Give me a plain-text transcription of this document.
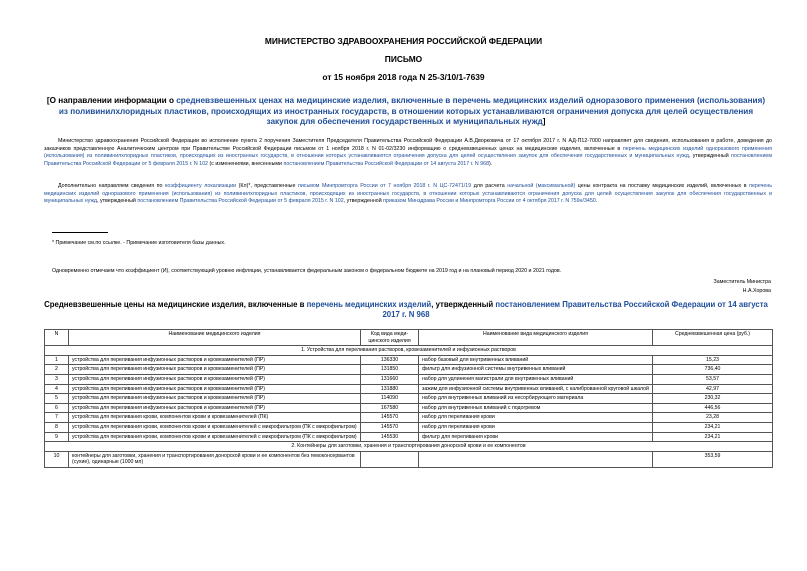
МИНИСТЕРСТВО ЗДРАВООХРАНЕНИЯ РОССИЙСКОЙ ФЕДЕРАЦИИ
ПИСЬМО
от 15 ноября 2018 года N 25-3/10/1-7639
[О направлении информации о средневзвешенных ценах на медицинские изделия, включенные в перечень медицинских изделий одноразового применения (использования) из поливинилхлоридных пластиков, происходящих из иностранных государств, в отношении которых устанавливаются ограничения допуска для целей осуществления закупок для обеспечения государственных и муниципальных нужд]
Министерство здравоохранения Российской Федерации во исполнение пункта 2 поручения Заместителя Председателя Правительства Российской Федерации А.В.Дворковича от 17 октября 2017 г. N АД-П12-7000 направляет для сведения, использования в работе, доведения до заказчиков представленную Аналитическим центром при Правительстве Российской Федерации письмом от 1 ноября 2018 г. N 01-02/3230 информацию о средневзвешенных ценах на медицинские изделия, включенные в перечень медицинских изделий одноразового применения (использования) из поливинилхлоридных пластиков, происходящих из иностранных государств, в отношении которых устанавливаются ограничения допуска для целей осуществления закупок для обеспечения государственных и муниципальных нужд, утвержденный постановлением Правительства Российской Федерации от 5 февраля 2015 г. N 102 (с изменениями, внесенными постановлением Правительства Российской Федерации от 14 августа 2017 г. N 968).
Дополнительно направляем сведения по коэффициенту локализации (Кл)*, представленные письмом Минпромторга России от 7 ноября 2018 г. N ЦС-72471/19 для расчета начальной (максимальной) цены контракта на поставку медицинских изделий, включенных в перечень медицинских изделий одноразового применения (использования) из поливинилхлоридных пластиков, происходящих из иностранных государств, в отношении которых устанавливаются ограничения допуска для целей осуществления закупок для обеспечения государственных и муниципальных нужд, утвержденный постановлением Правительства Российской Федерации от 5 февраля 2015 г. N 102, утвержденной приказом Минздрава России и Минпромторга России от 4 октября 2017 г. N 759н/3450.
* Примечание см.по ссылке. - Примечание изготовителя базы данных.
Одновременно отмечаем что коэффициент (И), соответствующий уровню инфляции, устанавливается федеральным законом о федеральном бюджете на 2019 год и на плановый период 2020 и 2021 годов.
Заместитель Министра
Н.А.Хорова
Средневзвешенные цены на медицинские изделия, включенные в перечень медицинских изделий, утвержденный постановлением Правительства Российской Федерации от 14 августа 2017 г. N 968
N	Наименование медицинского изделия	Код вида меди-цинского изделия	Наименование вида медицинского изделия	Средневзвешенная цена (руб.)
1. Устройства для переливания растворов, кровезаменителей и инфузионных растворов				
1	устройства для переливания инфузионных растворов и кровезаменителей (ПР)	136330	набор базовый для внутривенных вливаний	15,23
2	устройства для переливания инфузионных растворов и кровезаменителей (ПР)	131850	фильтр для инфузионной системы внутривенных вливаний	736,40
3	устройства для переливания инфузионных растворов и кровезаменителей (ПР)	131660	набор для удлинения магистрали для внутривенных вливаний	53,57
4	устройства для переливания инфузионных растворов и кровезаменителей (ПР)	131880	зажим для инфузионной системы внутривенных вливаний, с калиброванной круговой шкалой	42,97
5	устройства для переливания инфузионных растворов и кровезаменителей (ПР)	114090	набор для внутривенных вливаний из несорбирующего материала	230,32
6	устройства для переливания инфузионных растворов и кровезаменителей (ПР)	167580	набор для внутривенных вливаний с подогревом	446,56
7	устройства для переливания крови, компонентов крови и кровезаменителей (ПК)	145570	набор для переливания крови	23,28
8	устройства для переливания крови, компонентов крови и кровезаменителей с микрофильтром (ПК с микрофильтром)	145570	набор для переливания крови	234,21
9	устройства для переливания крови, компонентов крови и кровезаменителей с микрофильтром (ПК с микрофильтром)	145530	фильтр для переливания крови	234,21
2. Контейнеры для заготовки, хранения и транспортирования донорской крови и ее компонентов				
10	контейнеры для заготовки, хранения и транспортирования донорской крови и ее компонентов без гемоконсервантов (сухие), одинарные (1000 мл)			353,59
